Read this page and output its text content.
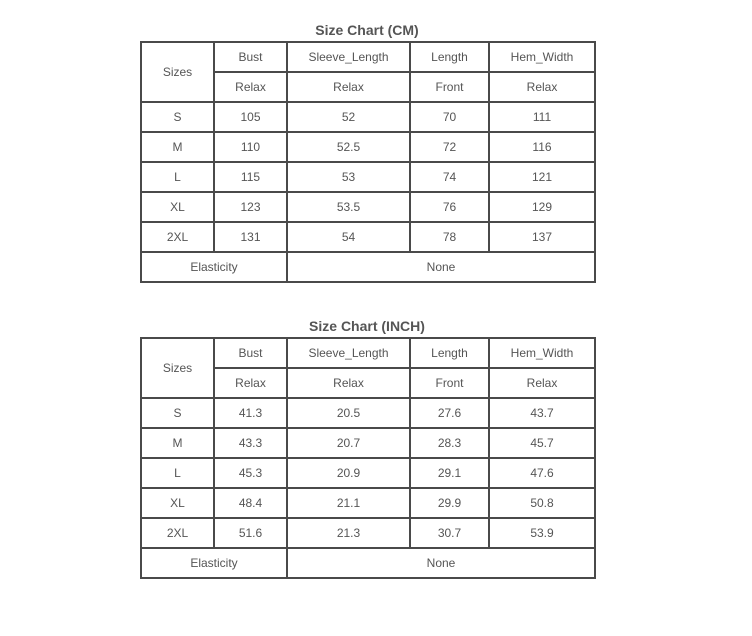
Size Chart (CM)
Sizes	Bust	Sleeve_Length	Length	Hem_Width
	Relax	Relax	Front	Relax
S	105	52	70	111
M	110	52.5	72	116
L	115	53	74	121
XL	123	53.5	76	129
2XL	131	54	78	137
Elasticity		None		
Size Chart (INCH)
Sizes	Bust	Sleeve_Length	Length	Hem_Width
	Relax	Relax	Front	Relax
S	41.3	20.5	27.6	43.7
M	43.3	20.7	28.3	45.7
L	45.3	20.9	29.1	47.6
XL	48.4	21.1	29.9	50.8
2XL	51.6	21.3	30.7	53.9
Elasticity		None		
